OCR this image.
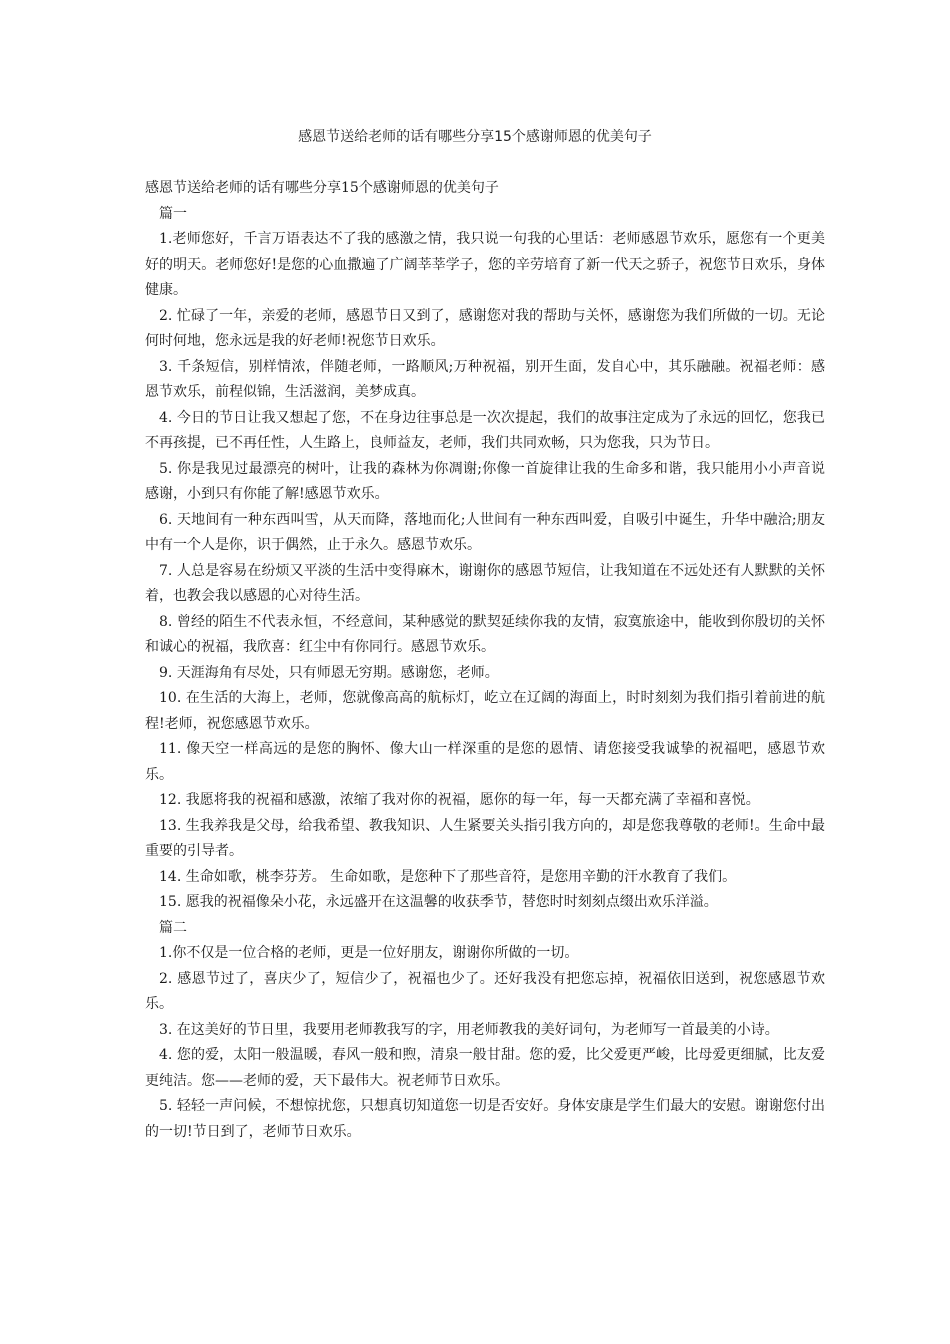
感恩节送给老师的话有哪些分享15个感谢师恩的优美句子

感恩节送给老师的话有哪些分享15个感谢师恩的优美句子

篇一

1.老师您好，千言万语表达不了我的感激之情，我只说一句我的心里话：老师感恩节欢乐，愿您有一个更美好的明天。老师您好!是您的心血撒遍了广阔莘莘学子，您的辛劳培育了新一代天之骄子，祝您节日欢乐，身体健康。

2. 忙碌了一年，亲爱的老师，感恩节日又到了，感谢您对我的帮助与关怀，感谢您为我们所做的一切。无论何时何地，您永远是我的好老师!祝您节日欢乐。

3. 千条短信，别样情浓，伴随老师，一路顺风;万种祝福，别开生面，发自心中，其乐融融。祝福老师：感恩节欢乐，前程似锦，生活滋润，美梦成真。

4. 今日的节日让我又想起了您，不在身边往事总是一次次提起，我们的故事注定成为了永远的回忆，您我已不再孩提，已不再任性，人生路上，良师益友，老师，我们共同欢畅，只为您我，只为节日。

5. 你是我见过最漂亮的树叶，让我的森林为你凋谢;你像一首旋律让我的生命多和谐，我只能用小小声音说感谢，小到只有你能了解!感恩节欢乐。

6. 天地间有一种东西叫雪，从天而降，落地而化;人世间有一种东西叫爱，自吸引中诞生，升华中融洽;朋友中有一个人是你，识于偶然，止于永久。感恩节欢乐。

7. 人总是容易在纷烦又平淡的生活中变得麻木，谢谢你的感恩节短信，让我知道在不远处还有人默默的关怀着，也教会我以感恩的心对待生活。

8. 曾经的陌生不代表永恒，不经意间，某种感觉的默契延续你我的友情，寂寞旅途中，能收到你殷切的关怀和诚心的祝福，我欣喜：红尘中有你同行。感恩节欢乐。

9. 天涯海角有尽处，只有师恩无穷期。感谢您，老师。

10. 在生活的大海上，老师，您就像高高的航标灯，屹立在辽阔的海面上，时时刻刻为我们指引着前进的航程!老师，祝您感恩节欢乐。

11. 像天空一样高远的是您的胸怀、像大山一样深重的是您的恩情、请您接受我诚挚的祝福吧，感恩节欢乐。

12. 我愿将我的祝福和感激，浓缩了我对你的祝福，愿你的每一年，每一天都充满了幸福和喜悦。

13. 生我养我是父母，给我希望、教我知识、人生紧要关头指引我方向的，却是您我尊敬的老师!。生命中最重要的引导者。

14. 生命如歌，桃李芬芳。 生命如歌，是您种下了那些音符，是您用辛勤的汗水教育了我们。

15. 愿我的祝福像朵小花，永远盛开在这温馨的收获季节，替您时时刻刻点缀出欢乐洋溢。

篇二

1.你不仅是一位合格的老师，更是一位好朋友，谢谢你所做的一切。

2. 感恩节过了，喜庆少了，短信少了，祝福也少了。还好我没有把您忘掉，祝福依旧送到，祝您感恩节欢乐。

3. 在这美好的节日里，我要用老师教我写的字，用老师教我的美好词句，为老师写一首最美的小诗。

4. 您的爱，太阳一般温暖，春风一般和煦，清泉一般甘甜。您的爱，比父爱更严峻，比母爱更细腻，比友爱更纯洁。您——老师的爱，天下最伟大。祝老师节日欢乐。

5. 轻轻一声问候，不想惊扰您，只想真切知道您一切是否安好。身体安康是学生们最大的安慰。谢谢您付出的一切!节日到了，老师节日欢乐。
